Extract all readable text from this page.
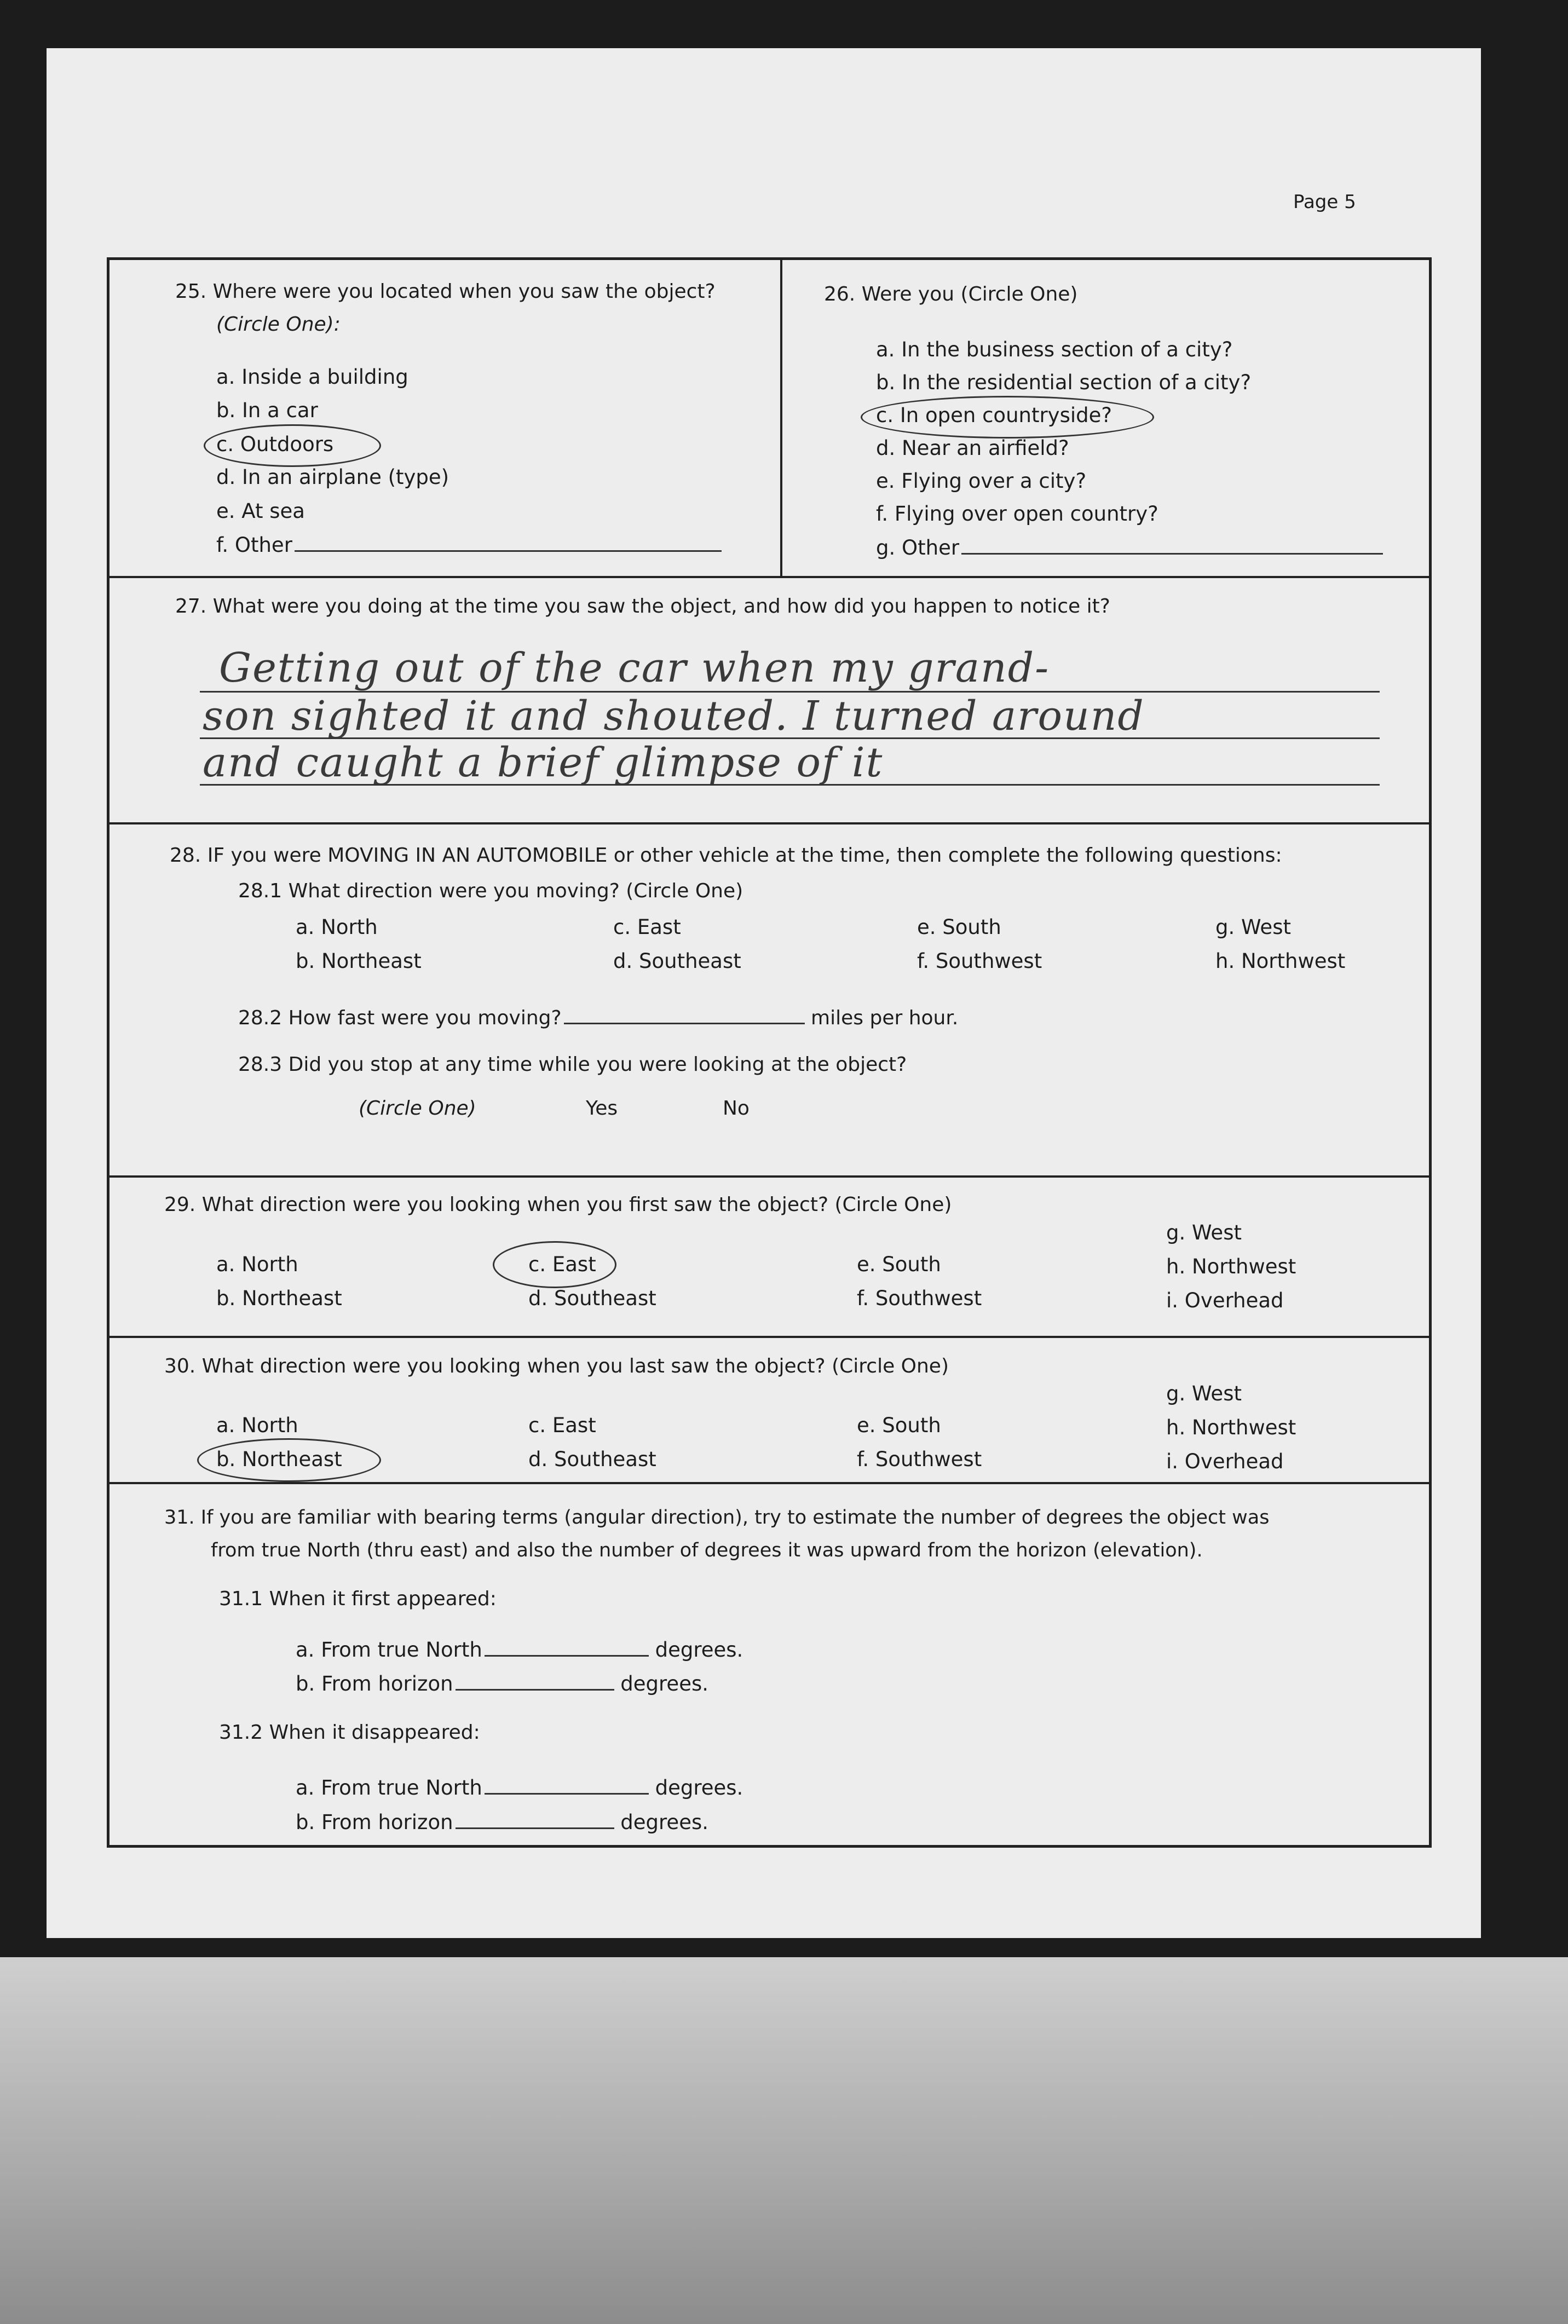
Page 5
25. Where were you located when you saw the object?
(Circle One):
a. Inside a building
b. In a car
c. Outdoors
d. In an airplane (type)
e. At sea
f. Other
26. Were you (Circle One)
a. In the business section of a city?
b. In the residential section of a city?
c. In open countryside?
d. Near an airfield?
e. Flying over a city?
f. Flying over open country?
g. Other
27. What were you doing at the time you saw the object, and how did you happen to notice it?
Getting out of the car when my grand-
son sighted it and shouted. I turned around
and caught a brief glimpse of it
28. IF you were MOVING IN AN AUTOMOBILE or other vehicle at the time, then complete the following questions:
28.1 What direction were you moving? (Circle One)
a. North
b. Northeast
c. East
d. Southeast
e. South
f. Southwest
g. West
h. Northwest
28.2 How fast were you moving?	miles per hour.
28.3 Did you stop at any time while you were looking at the object?
(Circle One)	Yes	No
29. What direction were you looking when you first saw the object? (Circle One)
a. North
b. Northeast
c. East
d. Southeast
e. South
f. Southwest
g. West
h. Northwest
i. Overhead
30. What direction were you looking when you last saw the object? (Circle One)
a. North
b. Northeast
c. East
d. Southeast
e. South
f. Southwest
g. West
h. Northwest
i. Overhead
31. If you are familiar with bearing terms (angular direction), try to estimate the number of degrees the object was
from true North (thru east) and also the number of degrees it was upward from the horizon (elevation).
31.1 When it first appeared:
a. From true North	degrees.
b. From horizon	degrees.
31.2 When it disappeared:
a. From true North	degrees.
b. From horizon	degrees.
